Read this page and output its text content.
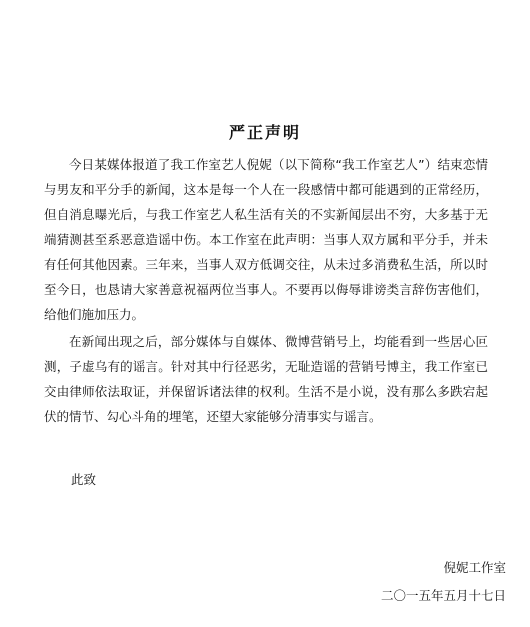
严正声明

今日某媒体报道了我工作室艺人倪妮（以下简称“我工作室艺人”）结束恋情与男友和平分手的新闻，这本是每一个人在一段感情中都可能遇到的正常经历，但自消息曝光后，与我工作室艺人私生活有关的不实新闻层出不穷，大多基于无端猜测甚至系恶意造谣中伤。本工作室在此声明：当事人双方属和平分手，并未有任何其他因素。三年来，当事人双方低调交往，从未过多消费私生活，所以时至今日，也恳请大家善意祝福两位当事人。不要再以侮辱诽谤类言辞伤害他们，给他们施加压力。

在新闻出现之后，部分媒体与自媒体、微博营销号上，均能看到一些居心叵测，子虚乌有的谣言。针对其中行径恶劣，无耻造谣的营销号博主，我工作室已交由律师依法取证，并保留诉诸法律的权利。生活不是小说，没有那么多跌宕起伏的情节、勾心斗角的埋笔，还望大家能够分清事实与谣言。

此致
倪妮工作室
二〇一五年五月十七日
